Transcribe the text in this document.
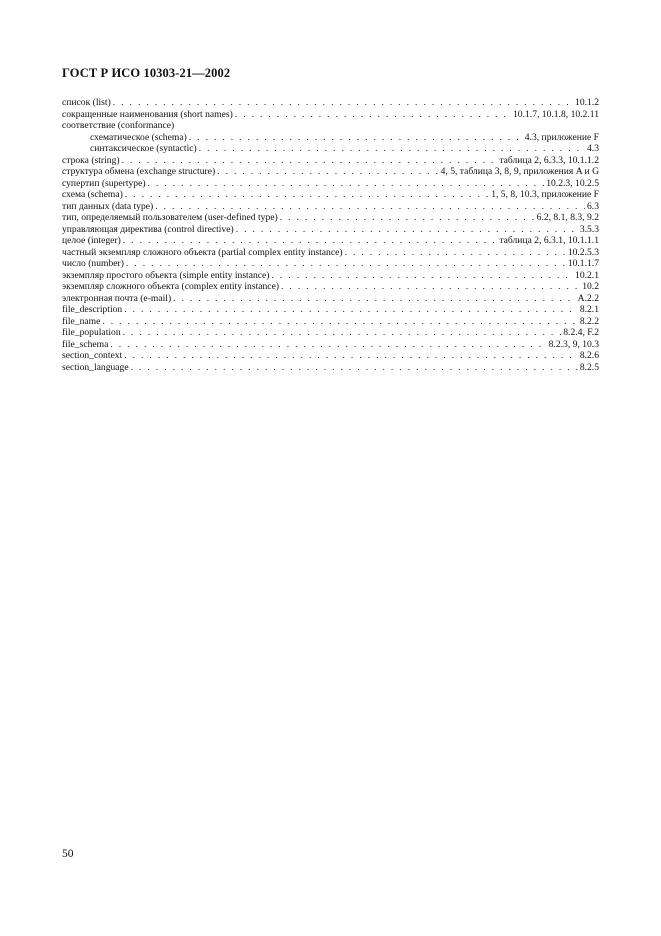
ГОСТ Р ИСО 10303-21—2002
список (list) . . .	10.1.2
сокращенные наименования (short names) . . .	10.1.7, 10.1.8, 10.2.11
соответствие (conformance)
схематическое (schema) . . .	4.3, приложение F
синтаксическое (syntactic) . . .	4.3
строка (string) . . .	таблица 2, 6.3.3, 10.1.1.2
структура обмена (exchange structure) . . .	4, 5, таблица 3, 8, 9, приложения A и G
супертип (supertype) . . .	10.2.3, 10.2.5
схема (schema) . . .	1, 5, 8, 10.3, приложение F
тип данных (data type) . . .	6.3
тип, определяемый пользователем (user-defined type) . . .	6.2, 8.1, 8.3, 9.2
управляющая директива (control directive) . . .	3.5.3
целое (integer) . . .	таблица 2, 6.3.1, 10.1.1.1
частный экземпляр сложного объекта (partial complex entity instance) . . .	10.2.5.3
число (number) . . .	10.1.1.7
экземпляр простого объекта (simple entity instance) . . .	10.2.1
экземпляр сложного объекта (complex entity instance) . . .	10.2
электронная почта (e-mail) . . .	A.2.2
file_description . . .	8.2.1
file_name . . .	8.2.2
file_population . . .	8.2.4, F.2
file_schema . . .	8.2.3, 9, 10.3
section_context . . .	8.2.6
section_language . . .	8.2.5
50
